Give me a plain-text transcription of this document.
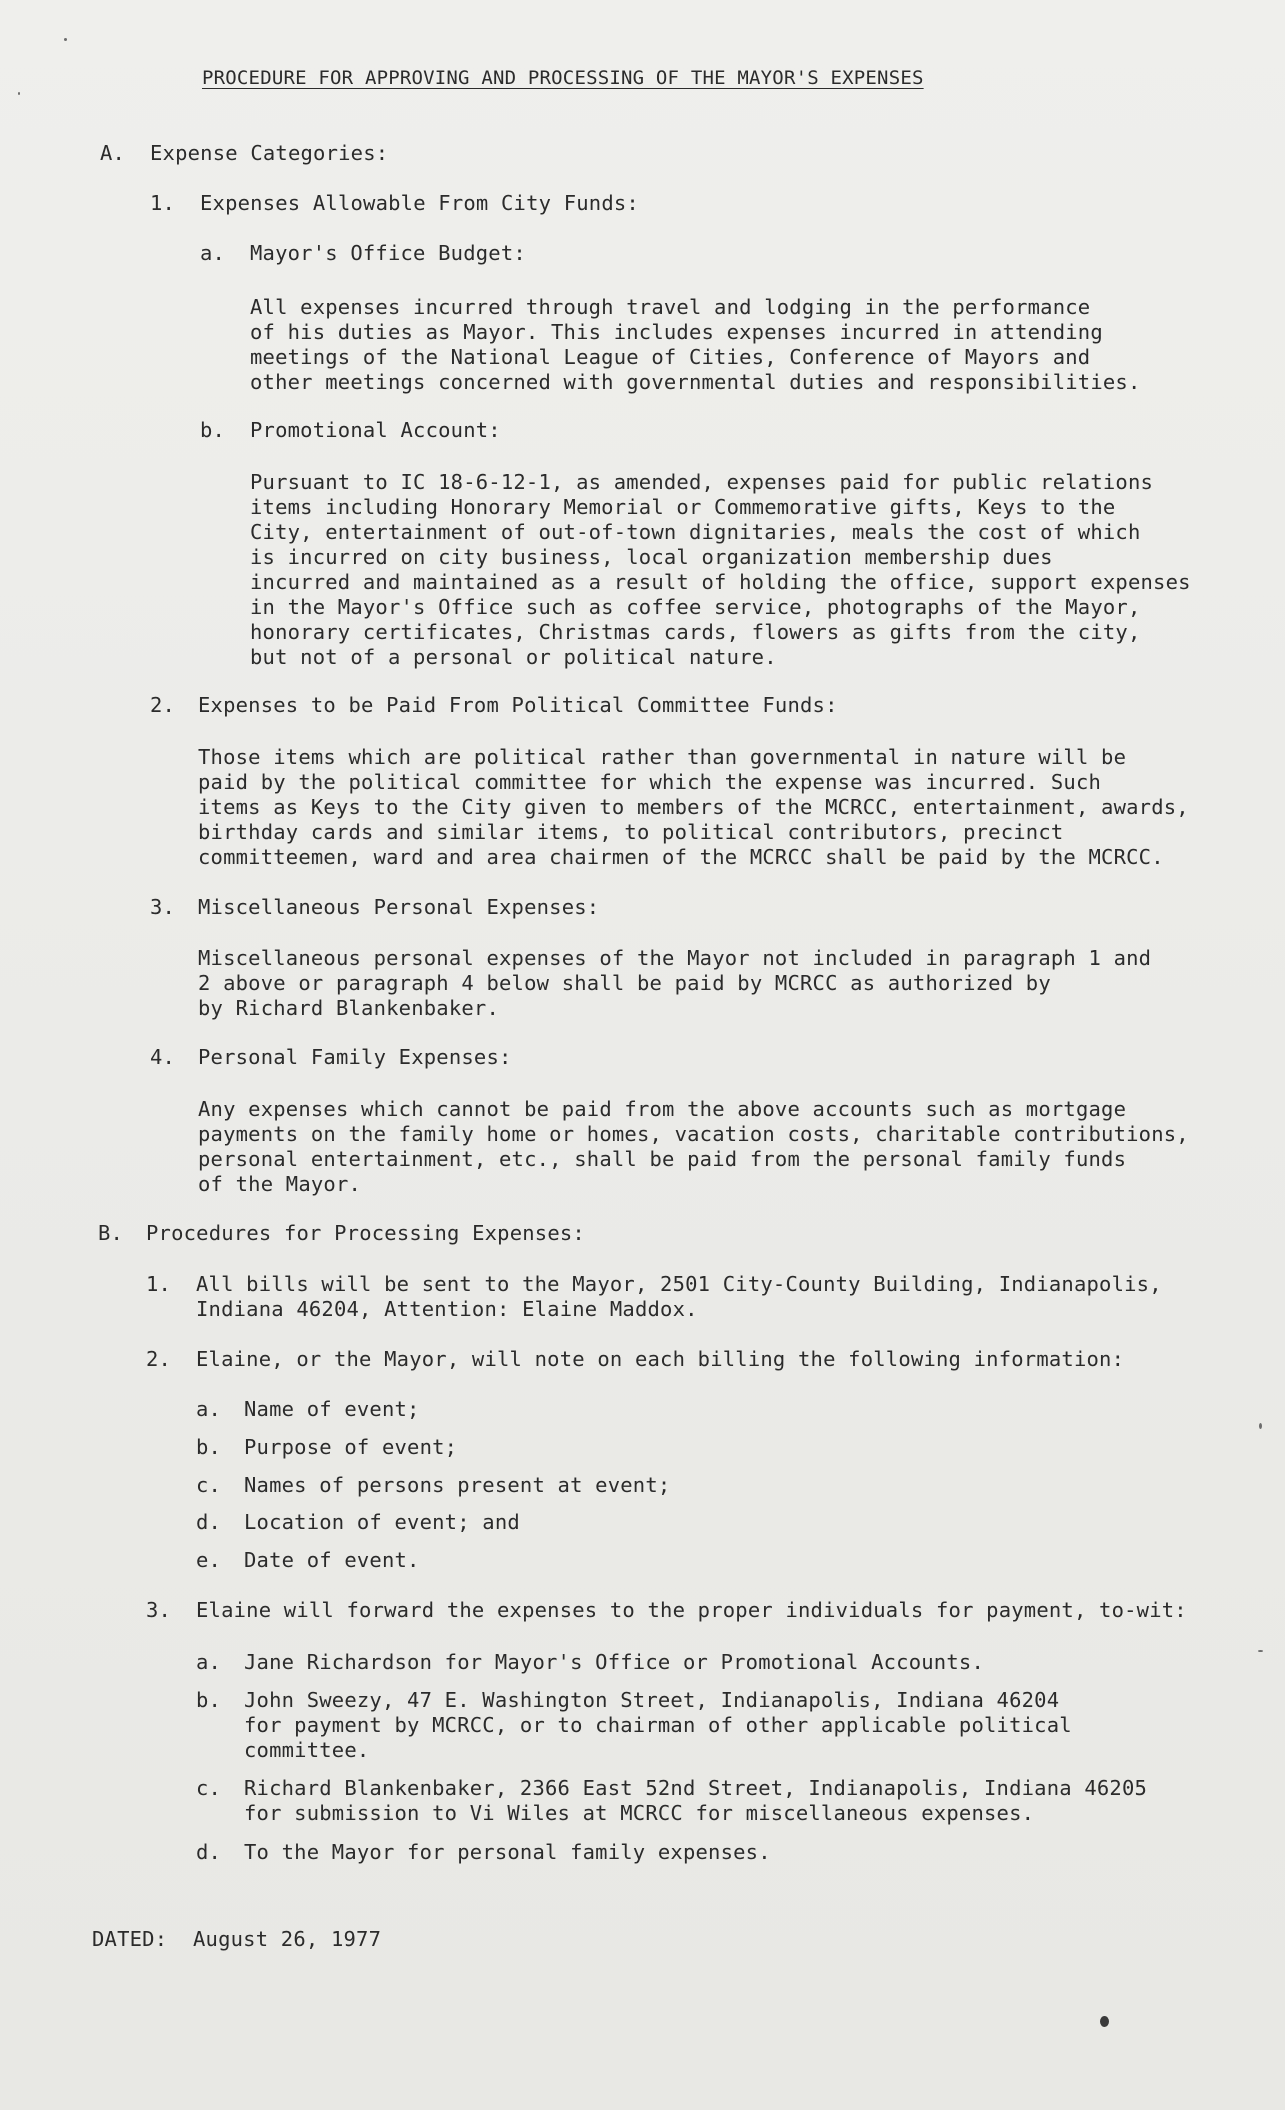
PROCEDURE FOR APPROVING AND PROCESSING OF THE MAYOR'S EXPENSES
A. Expense Categories:
1. Expenses Allowable From City Funds:
a. Mayor's Office Budget:
All expenses incurred through travel and lodging in the performance
of his duties as Mayor. This includes expenses incurred in attending
meetings of the National League of Cities, Conference of Mayors and
other meetings concerned with governmental duties and responsibilities.
b. Promotional Account:
Pursuant to IC 18-6-12-1, as amended, expenses paid for public relations
items including Honorary Memorial or Commemorative gifts, Keys to the
City, entertainment of out-of-town dignitaries, meals the cost of which
is incurred on city business, local organization membership dues
incurred and maintained as a result of holding the office, support expenses
in the Mayor's Office such as coffee service, photographs of the Mayor,
honorary certificates, Christmas cards, flowers as gifts from the city,
but not of a personal or political nature.
2. Expenses to be Paid From Political Committee Funds:
Those items which are political rather than governmental in nature will be
paid by the political committee for which the expense was incurred. Such
items as Keys to the City given to members of the MCRCC, entertainment, awards,
birthday cards and similar items, to political contributors, precinct
committeemen, ward and area chairmen of the MCRCC shall be paid by the MCRCC.
3. Miscellaneous Personal Expenses:
Miscellaneous personal expenses of the Mayor not included in paragraph 1 and
2 above or paragraph 4 below shall be paid by MCRCC as authorized by
by Richard Blankenbaker.
4. Personal Family Expenses:
Any expenses which cannot be paid from the above accounts such as mortgage
payments on the family home or homes, vacation costs, charitable contributions,
personal entertainment, etc., shall be paid from the personal family funds
of the Mayor.
B. Procedures for Processing Expenses:
1. All bills will be sent to the Mayor, 2501 City-County Building, Indianapolis,
Indiana 46204, Attention: Elaine Maddox.
2. Elaine, or the Mayor, will note on each billing the following information:
a. Name of event;
b. Purpose of event;
c. Names of persons present at event;
d. Location of event; and
e. Date of event.
3. Elaine will forward the expenses to the proper individuals for payment, to-wit:
a. Jane Richardson for Mayor's Office or Promotional Accounts.
b. John Sweezy, 47 E. Washington Street, Indianapolis, Indiana 46204
for payment by MCRCC, or to chairman of other applicable political
committee.
c. Richard Blankenbaker, 2366 East 52nd Street, Indianapolis, Indiana 46205
for submission to Vi Wiles at MCRCC for miscellaneous expenses.
d. To the Mayor for personal family expenses.
DATED: August 26, 1977
